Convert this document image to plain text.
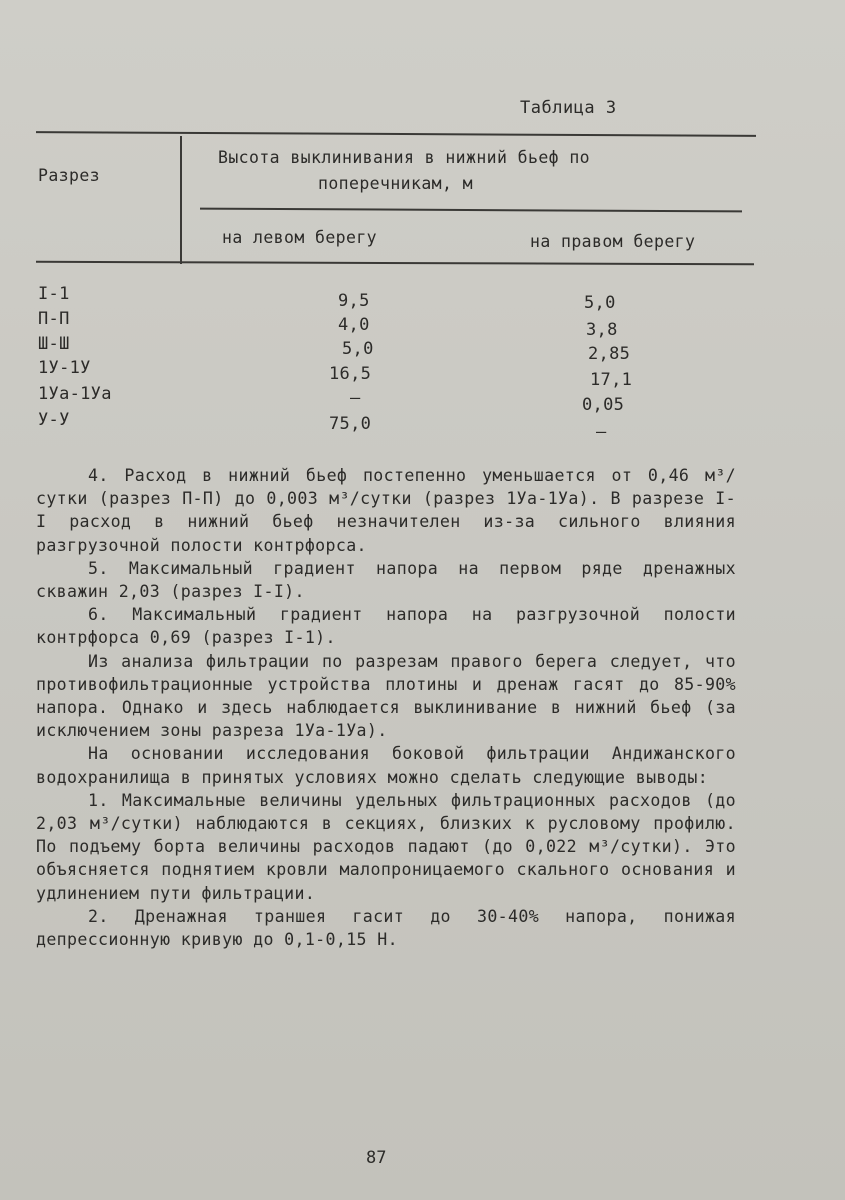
Таблица 3
Разрез
Высота выклинивания в нижний бьеф по
поперечникам, м
на левом берегу	на правом берегу
I-1	9,5	5,0
П-П	4,0	3,8
Ш-Ш	5,0	2,85
1У-1У	16,5	17,1
1Уа-1Уа	–	0,05
У-У	75,0	–

4. Расход в нижний бьеф постепенно уменьшается от 0,46 м³/сутки (разрез П-П) до 0,003 м³/сутки (разрез 1Уа-1Уа). В разрезе I-I расход в нижний бьеф незначителен из-за сильного влияния разгрузочной полости контрфорса.

5. Максимальный градиент напора на первом ряде дренажных скважин 2,03 (разрез I-I).

6. Максимальный градиент напора на разгрузочной полости контрфорса 0,69 (разрез I-1).

Из анализа фильтрации по разрезам правого берега следует, что противофильтрационные устройства плотины и дренаж гасят до 85-90% напора. Однако и здесь наблюдается выклинивание в нижний бьеф (за исключением зоны разреза 1Уа-1Уа).

На основании исследования боковой фильтрации Андижанского водохранилища в принятых условиях можно сделать следующие выводы:

1. Максимальные величины удельных фильтрационных расходов (до 2,03 м³/сутки) наблюдаются в секциях, близких к русловому профилю. По подъему борта величины расходов падают (до 0,022 м³/сутки). Это объясняется поднятием кровли малопроницаемого скального основания и удлинением пути фильтрации.

2. Дренажная траншея гасит до 30-40% напора, понижая депрессионную кривую до 0,1-0,15 Н.

87
